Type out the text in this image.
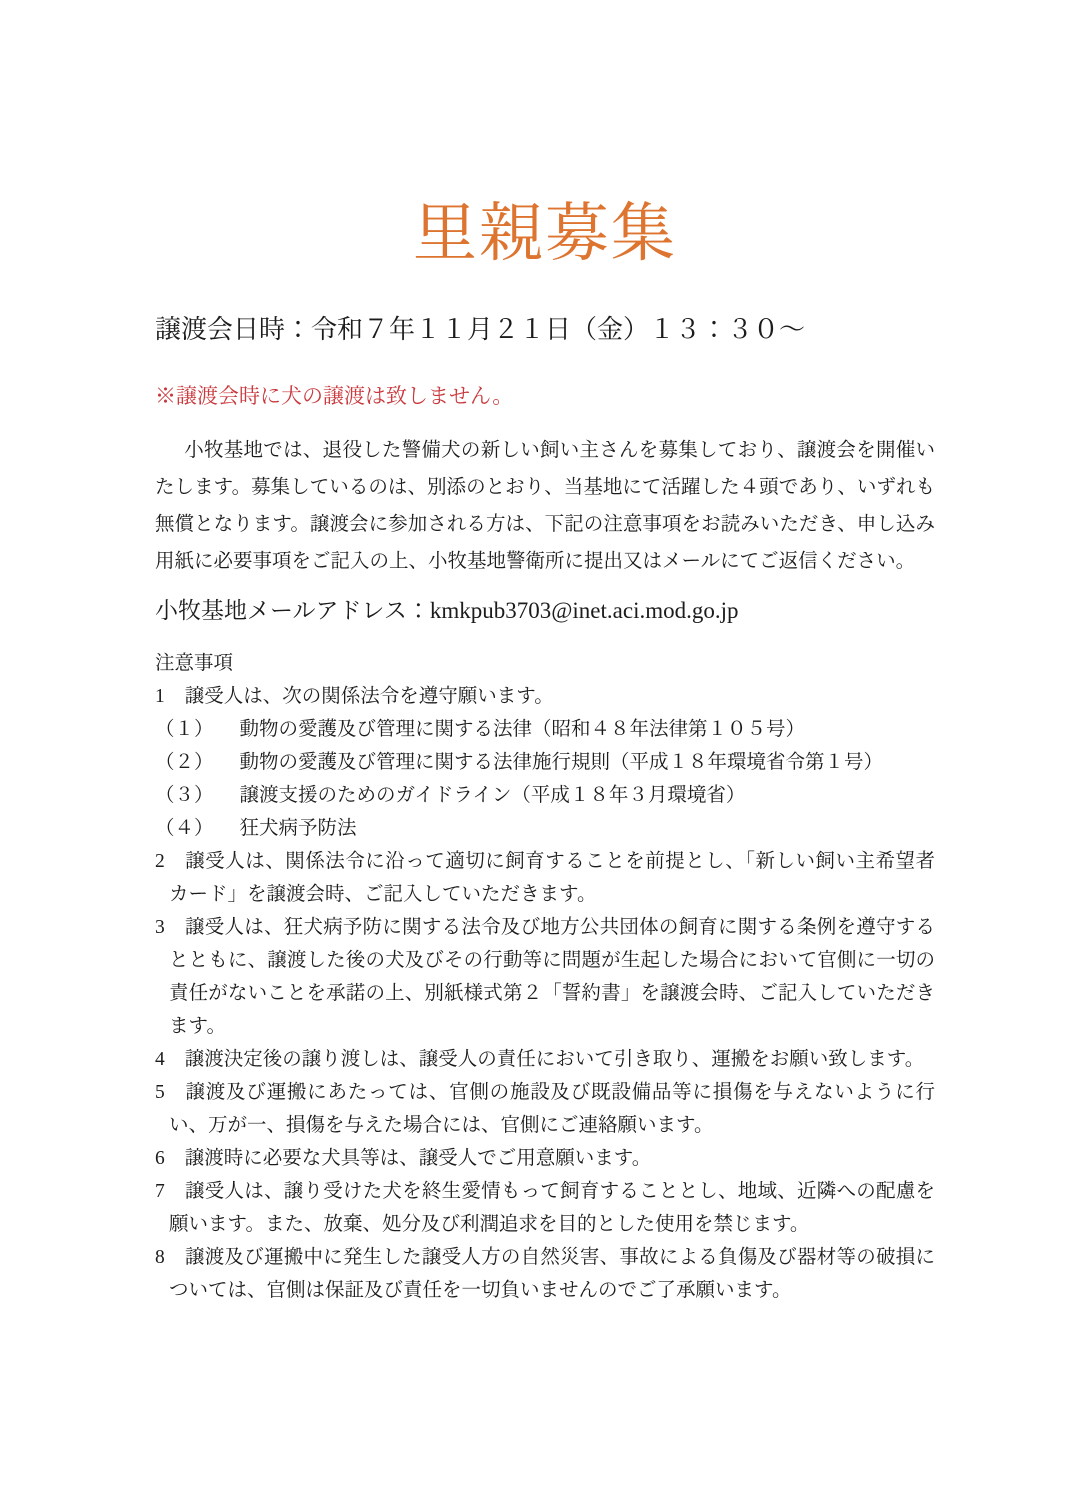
里親募集

譲渡会日時：令和７年１１月２１日（金）１３：３０～

※譲渡会時に犬の譲渡は致しません。

小牧基地では、退役した警備犬の新しい飼い主さんを募集しており、譲渡会を開催いたします。募集しているのは、別添のとおり、当基地にて活躍した４頭であり、いずれも無償となります。譲渡会に参加される方は、下記の注意事項をお読みいただき、申し込み用紙に必要事項をご記入の上、小牧基地警衛所に提出又はメールにてご返信ください。

小牧基地メールアドレス：kmkpub3703@inet.aci.mod.go.jp

注意事項

1 譲受人は、次の関係法令を遵守願います。

（１） 動物の愛護及び管理に関する法律（昭和４８年法律第１０５号）

（２） 動物の愛護及び管理に関する法律施行規則（平成１８年環境省令第１号）

（３） 譲渡支援のためのガイドライン（平成１８年３月環境省）

（４） 狂犬病予防法

2 譲受人は、関係法令に沿って適切に飼育することを前提とし、「新しい飼い主希望者カード」を譲渡会時、ご記入していただきます。

3 譲受人は、狂犬病予防に関する法令及び地方公共団体の飼育に関する条例を遵守するとともに、譲渡した後の犬及びその行動等に問題が生起した場合において官側に一切の責任がないことを承諾の上、別紙様式第２「誓約書」を譲渡会時、ご記入していただきます。

4 譲渡決定後の譲り渡しは、譲受人の責任において引き取り、運搬をお願い致します。

5 譲渡及び運搬にあたっては、官側の施設及び既設備品等に損傷を与えないように行い、万が一、損傷を与えた場合には、官側にご連絡願います。

6 譲渡時に必要な犬具等は、譲受人でご用意願います。

7 譲受人は、譲り受けた犬を終生愛情もって飼育することとし、地域、近隣への配慮を願います。また、放棄、処分及び利潤追求を目的とした使用を禁じます。

8 譲渡及び運搬中に発生した譲受人方の自然災害、事故による負傷及び器材等の破損については、官側は保証及び責任を一切負いませんのでご了承願います。
